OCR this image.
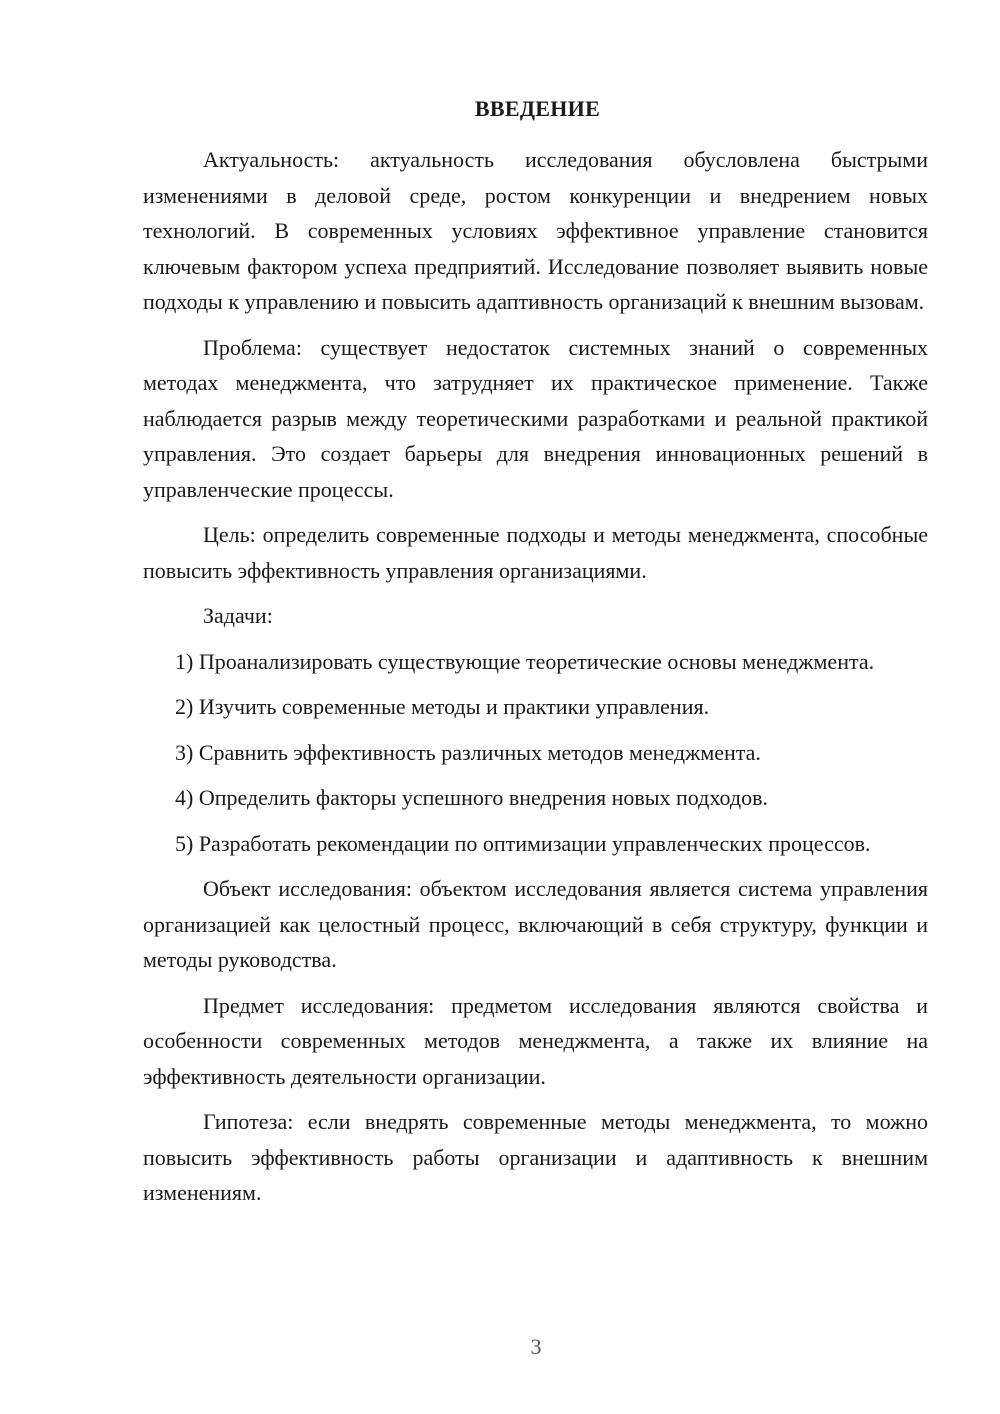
ВВЕДЕНИЕ

Актуальность: актуальность исследования обусловлена быстрыми изменениями в деловой среде, ростом конкуренции и внедрением новых технологий. В современных условиях эффективное управление становится ключевым фактором успеха предприятий. Исследование позволяет выявить новые подходы к управлению и повысить адаптивность организаций к внешним вызовам.

Проблема: существует недостаток системных знаний о современных методах менеджмента, что затрудняет их практическое применение. Также наблюдается разрыв между теоретическими разработками и реальной практикой управления. Это создает барьеры для внедрения инновационных решений в управленческие процессы.

Цель: определить современные подходы и методы менеджмента, способные повысить эффективность управления организациями.

Задачи:

1) Проанализировать существующие теоретические основы менеджмента.

2) Изучить современные методы и практики управления.

3) Сравнить эффективность различных методов менеджмента.

4) Определить факторы успешного внедрения новых подходов.

5) Разработать рекомендации по оптимизации управленческих процессов.

Объект исследования: объектом исследования является система управления организацией как целостный процесс, включающий в себя структуру, функции и методы руководства.

Предмет исследования: предметом исследования являются свойства и особенности современных методов менеджмента, а также их влияние на эффективность деятельности организации.

Гипотеза: если внедрять современные методы менеджмента, то можно повысить эффективность работы организации и адаптивность к внешним изменениям.

3
